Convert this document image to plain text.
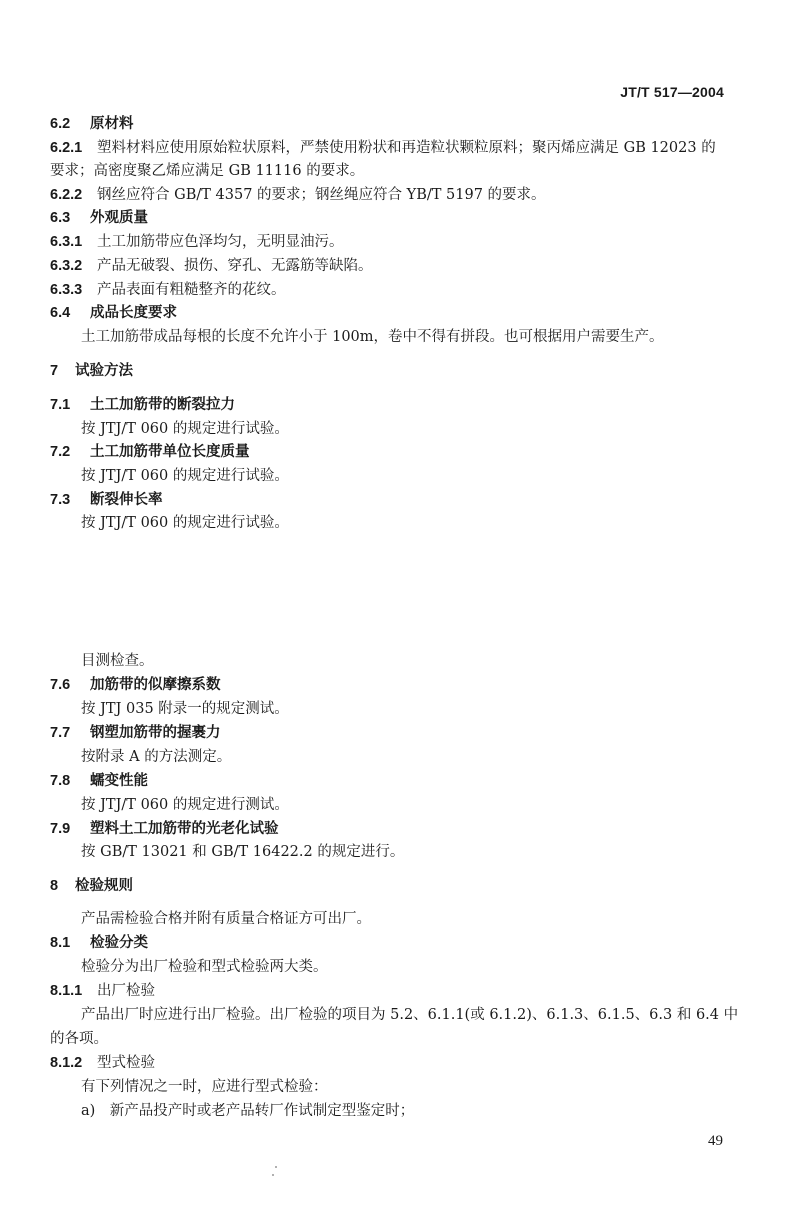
JT/T 517—2004
6.2 原材料
6.2.1 塑料材料应使用原始粒状原料，严禁使用粉状和再造粒状颗粒原料；聚丙烯应满足 GB 12023 的
要求；高密度聚乙烯应满足 GB 11116 的要求。
6.2.2 钢丝应符合 GB/T 4357 的要求；钢丝绳应符合 YB/T 5197 的要求。
6.3 外观质量
6.3.1 土工加筋带应色泽均匀，无明显油污。
6.3.2 产品无破裂、损伤、穿孔、无露筋等缺陷。
6.3.3 产品表面有粗糙整齐的花纹。
6.4 成品长度要求
土工加筋带成品每根的长度不允许小于 100m，卷中不得有拼段。也可根据用户需要生产。
7 试验方法
7.1 土工加筋带的断裂拉力
按 JTJ/T 060 的规定进行试验。
7.2 土工加筋带单位长度质量
按 JTJ/T 060 的规定进行试验。
7.3 断裂伸长率
按 JTJ/T 060 的规定进行试验。
目测检查。
7.6 加筋带的似摩擦系数
按 JTJ 035 附录一的规定测试。
7.7 钢塑加筋带的握裹力
按附录 A 的方法测定。
7.8 蠕变性能
按 JTJ/T 060 的规定进行测试。
7.9 塑料土工加筋带的光老化试验
按 GB/T 13021 和 GB/T 16422.2 的规定进行。
8 检验规则
产品需检验合格并附有质量合格证方可出厂。
8.1 检验分类
检验分为出厂检验和型式检验两大类。
8.1.1 出厂检验
产品出厂时应进行出厂检验。出厂检验的项目为 5.2、6.1.1(或 6.1.2)、6.1.3、6.1.5、6.3 和 6.4 中
的各项。
8.1.2 型式检验
有下列情况之一时，应进行型式检验：
a)　新产品投产时或老产品转厂作试制定型鉴定时；
49
